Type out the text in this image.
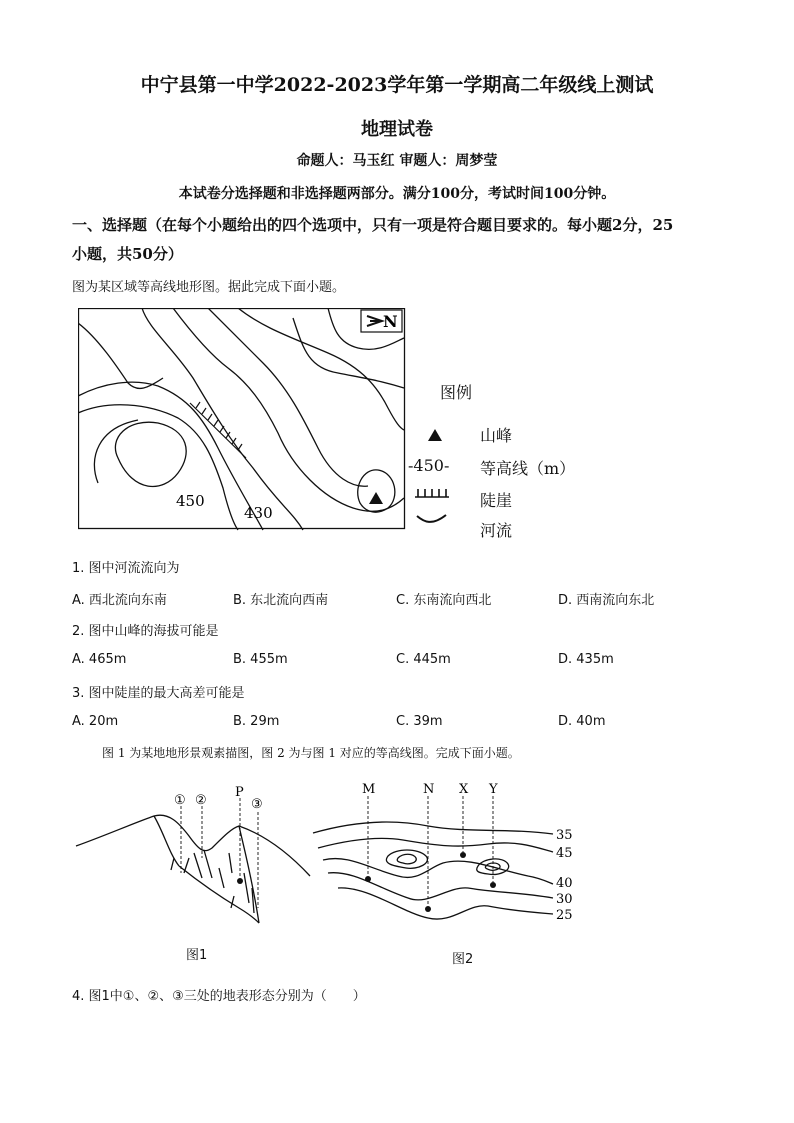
中宁县第一中学2022-2023学年第一学期高二年级线上测试
地理试卷
命题人：马玉红 审题人：周梦莹
本试卷分选择题和非选择题两部分。满分100分，考试时间100分钟。
一、选择题（在每个小题给出的四个选项中，只有一项是符合题目要求的。每小题2分，25
小题，共50分）
图为某区域等高线地形图。据此完成下面小题。
N
450
430
图例
山峰
-450- 等高线（m）
陡崖
河流
1. 图中河流流向为
A. 西北流向东南	B. 东北流向西南	C. 东南流向西北	D. 西南流向东北
2. 图中山峰的海拔可能是
A. 465m	B. 455m	C. 445m	D. 435m
3. 图中陡崖的最大高差可能是
A. 20m	B. 29m	C. 39m	D. 40m
图 1 为某地地形景观素描图，图 2 为与图 1 对应的等高线图。完成下面小题。
① ②
P
③
图1
M	N X Y
35
45
40
30
25
图2
4. 图1中①、②、③三处的地表形态分别为（　　）
